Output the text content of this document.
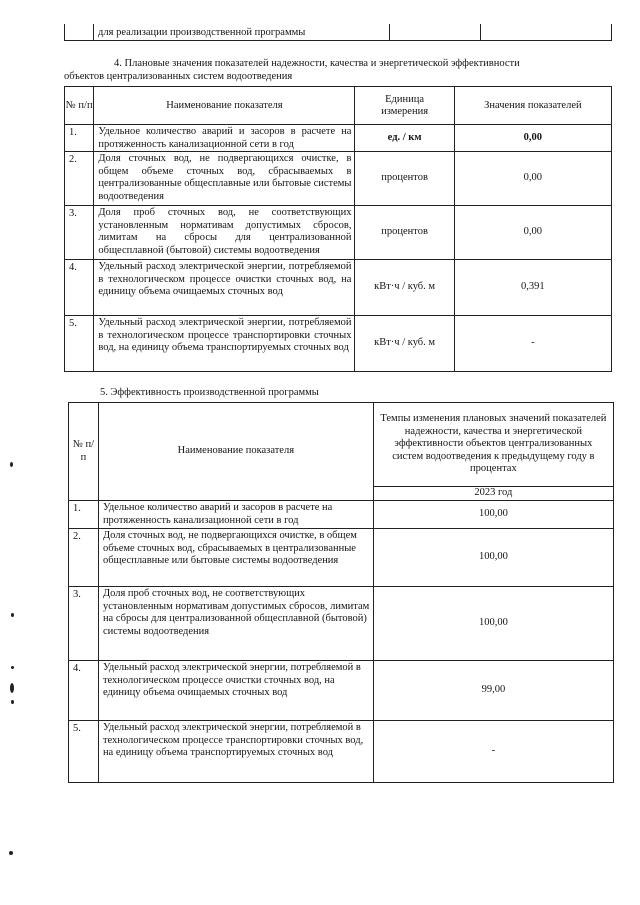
	для реализации производственной программы		
4. Плановые значения показателей надежности, качества и энергетической эффективности
объектов централизованных систем водоотведения
№ п/п	Наименование показателя	Единица измерения	Значения показателей
1.	Удельное количество аварий и засоров в расчете на протяженность канализационной сети в год	ед. / км	0,00
2.	Доля сточных вод, не подвергающихся очистке, в общем объеме сточных вод, сбрасываемых в централизованные общесплавные или бытовые системы водоотведения	процентов	0,00
3.	Доля проб сточных вод, не соответствующих установленным нормативам допустимых сбросов, лимитам на сбросы для централизованной общесплавной (бытовой) системы водоотведения	процентов	0,00
4.	Удельный расход электрической энергии, потребляемой в технологическом процессе очистки сточных вод, на единицу объема очищаемых сточных вод	кВт·ч / куб. м	0,391
5.	Удельный расход электрической энергии, потребляемой в технологическом процессе транспортировки сточных вод, на единицу объема транспортируемых сточных вод	кВт·ч / куб. м	-
5. Эффективность производственной программы
№ п/ п	Наименование показателя	Темпы изменения плановых значений показателей надежности, качества и энергетической эффективности объектов централизованных систем водоотведения к предыдущему году в процентах
		2023 год
1.	Удельное количество аварий и засоров в расчете на протяженность канализационной сети в год	100,00
2.	Доля сточных вод, не подвергающихся очистке, в общем объеме сточных вод, сбрасываемых в централизованные общесплавные или бытовые системы водоотведения	100,00
3.	Доля проб сточных вод, не соответствующих установленным нормативам допустимых сбросов, лимитам на сбросы для централизованной общесплавной (бытовой) системы водоотведения	100,00
4.	Удельный расход электрической энергии, потребляемой в технологическом процессе очистки сточных вод, на единицу объема очищаемых сточных вод	99,00
5.	Удельный расход электрической энергии, потребляемой в технологическом процессе транспортировки сточных вод, на единицу объема транспортируемых сточных вод	-
